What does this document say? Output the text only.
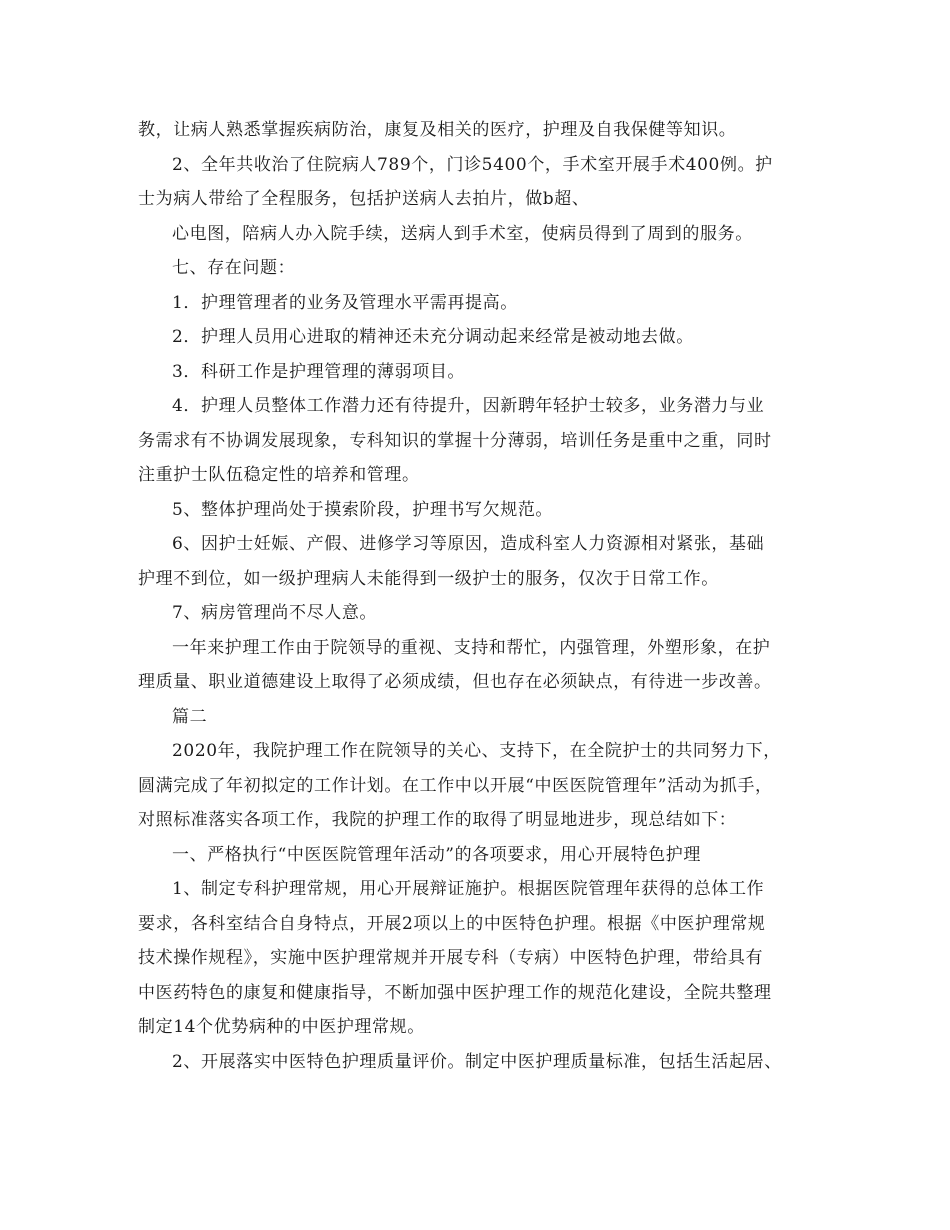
教，让病人熟悉掌握疾病防治，康复及相关的医疗，护理及自我保健等知识。
2、全年共收治了住院病人789个，门诊5400个，手术室开展手术400例。护
士为病人带给了全程服务，包括护送病人去拍片，做b超、
心电图，陪病人办入院手续，送病人到手术室，使病员得到了周到的服务。
七、存在问题：
1．护理管理者的业务及管理水平需再提高。
2．护理人员用心进取的精神还未充分调动起来经常是被动地去做。
3．科研工作是护理管理的薄弱项目。
4．护理人员整体工作潜力还有待提升，因新聘年轻护士较多，业务潜力与业
务需求有不协调发展现象，专科知识的掌握十分薄弱，培训任务是重中之重，同时
注重护士队伍稳定性的培养和管理。
5、整体护理尚处于摸索阶段，护理书写欠规范。
6、因护士妊娠、产假、进修学习等原因，造成科室人力资源相对紧张，基础
护理不到位，如一级护理病人未能得到一级护士的服务，仅次于日常工作。
7、病房管理尚不尽人意。
一年来护理工作由于院领导的重视、支持和帮忙，内强管理，外塑形象，在护
理质量、职业道德建设上取得了必须成绩，但也存在必须缺点，有待进一步改善。
篇二
2020年，我院护理工作在院领导的关心、支持下，在全院护士的共同努力下，
圆满完成了年初拟定的工作计划。在工作中以开展“中医医院管理年”活动为抓手，
对照标准落实各项工作，我院的护理工作的取得了明显地进步，现总结如下：
一、严格执行“中医医院管理年活动”的各项要求，用心开展特色护理
1、制定专科护理常规，用心开展辩证施护。根据医院管理年获得的总体工作
要求，各科室结合自身特点，开展2项以上的中医特色护理。根据《中医护理常规
技术操作规程》，实施中医护理常规并开展专科（专病）中医特色护理，带给具有
中医药特色的康复和健康指导，不断加强中医护理工作的规范化建设，全院共整理
制定14个优势病种的中医护理常规。
2、开展落实中医特色护理质量评价。制定中医护理质量标准，包括生活起居、
